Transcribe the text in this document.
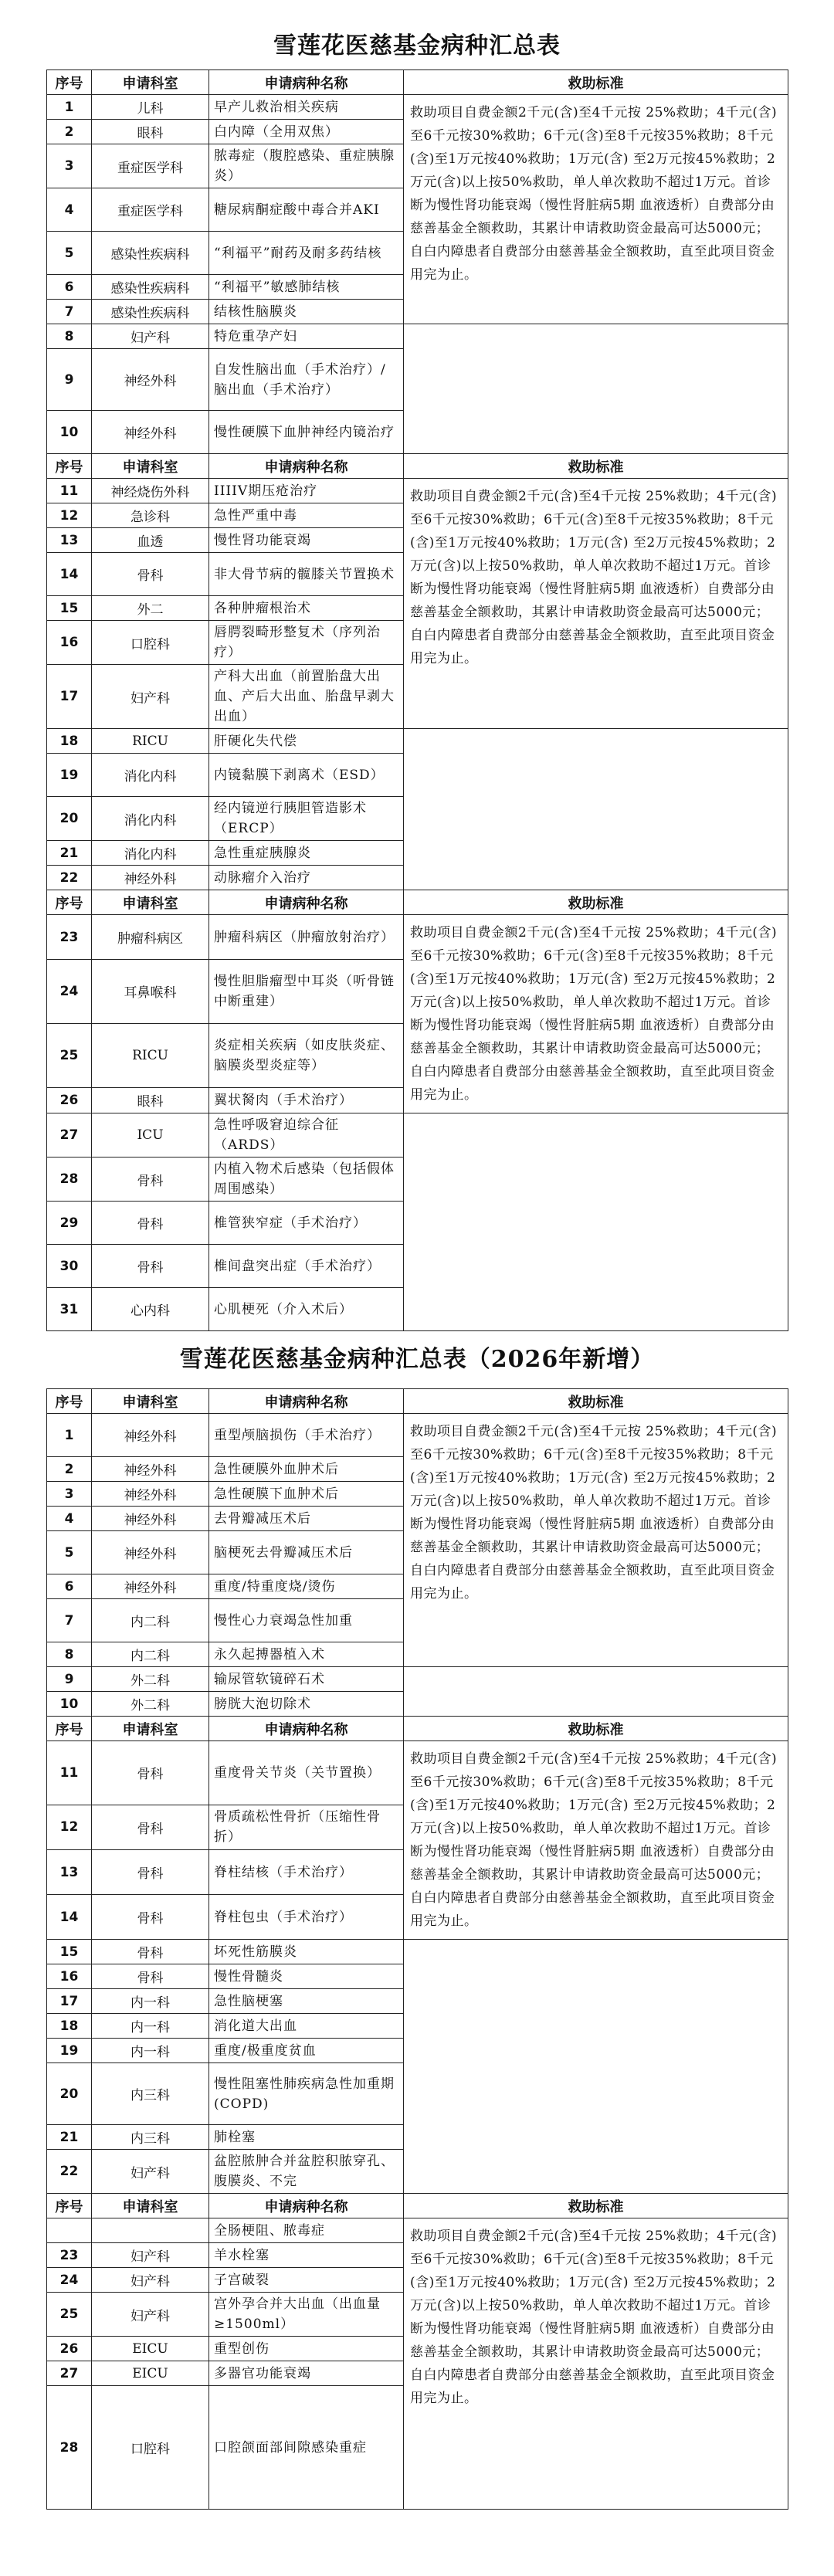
雪莲花医慈基金病种汇总表
序号	申请科室	申请病种名称	救助标准
1	儿科	早产儿救治相关疾病	救助项目自费金额2千元(含)至4千元按 25%救助；4千元(含)至6千元按30%救助；6千元(含)至8千元按35%救助；8千元(含)至1万元按40%救助；1万元(含) 至2万元按45%救助；2万元(含)以上按50%救助，单人单次救助不超过1万元。首诊断为慢性肾功能衰竭（慢性肾脏病5期 血液透析）自费部分由慈善基金全额救助，其累计申请救助资金最高可达5000元；自白内障患者自费部分由慈善基金全额救助，直至此项目资金用完为止。
2	眼科	白内障（全用双焦）	
3	重症医学科	脓毒症（腹腔感染、重症胰腺炎）	
4	重症医学科	糖尿病酮症酸中毒合并AKI	
5	感染性疾病科	“利福平”耐药及耐多药结核	
6	感染性疾病科	“利福平”敏感肺结核	
7	感染性疾病科	结核性脑膜炎	
8	妇产科	特危重孕产妇	
9	神经外科	自发性脑出血（手术治疗）/ 脑出血（手术治疗）	
10	神经外科	慢性硬膜下血肿神经内镜治疗	
序号	申请科室	申请病种名称	救助标准
11	神经烧伤外科	IIIIV期压疮治疗	救助项目自费金额2千元(含)至4千元按 25%救助；4千元(含)至6千元按30%救助；6千元(含)至8千元按35%救助；8千元(含)至1万元按40%救助；1万元(含) 至2万元按45%救助；2万元(含)以上按50%救助，单人单次救助不超过1万元。首诊断为慢性肾功能衰竭（慢性肾脏病5期 血液透析）自费部分由慈善基金全额救助，其累计申请救助资金最高可达5000元；自白内障患者自费部分由慈善基金全额救助，直至此项目资金用完为止。
12	急诊科	急性严重中毒	
13	血透	慢性肾功能衰竭	
14	骨科	非大骨节病的髋膝关节置换术	
15	外二	各种肿瘤根治术	
16	口腔科	唇腭裂畸形整复术（序列治疗）	
17	妇产科	产科大出血（前置胎盘大出血、产后大出血、胎盘早剥大出血）	
18	RICU	肝硬化失代偿	
19	消化内科	内镜黏膜下剥离术（ESD）	
20	消化内科	经内镜逆行胰胆管造影术（ERCP）	
21	消化内科	急性重症胰腺炎	
22	神经外科	动脉瘤介入治疗	
序号	申请科室	申请病种名称	救助标准
23	肿瘤科病区	肿瘤科病区（肿瘤放射治疗）	救助项目自费金额2千元(含)至4千元按 25%救助；4千元(含)至6千元按30%救助；6千元(含)至8千元按35%救助；8千元(含)至1万元按40%救助；1万元(含) 至2万元按45%救助；2万元(含)以上按50%救助，单人单次救助不超过1万元。首诊断为慢性肾功能衰竭（慢性肾脏病5期 血液透析）自费部分由慈善基金全额救助，其累计申请救助资金最高可达5000元；自白内障患者自费部分由慈善基金全额救助，直至此项目资金用完为止。
24	耳鼻喉科	慢性胆脂瘤型中耳炎（听骨链中断重建）	
25	RICU	炎症相关疾病（如皮肤炎症、脑膜炎型炎症等）	
26	眼科	翼状胬肉（手术治疗）	
27	ICU	急性呼吸窘迫综合征（ARDS）	
28	骨科	内植入物术后感染（包括假体周围感染）	
29	骨科	椎管狭窄症（手术治疗）	
30	骨科	椎间盘突出症（手术治疗）	
31	心内科	心肌梗死（介入术后）	
雪莲花医慈基金病种汇总表（2026年新增）
序号	申请科室	申请病种名称	救助标准
1	神经外科	重型颅脑损伤（手术治疗）	救助项目自费金额2千元(含)至4千元按 25%救助；4千元(含)至6千元按30%救助；6千元(含)至8千元按35%救助；8千元(含)至1万元按40%救助；1万元(含) 至2万元按45%救助；2万元(含)以上按50%救助，单人单次救助不超过1万元。首诊断为慢性肾功能衰竭（慢性肾脏病5期 血液透析）自费部分由慈善基金全额救助，其累计申请救助资金最高可达5000元；自白内障患者自费部分由慈善基金全额救助，直至此项目资金用完为止。
2	神经外科	急性硬膜外血肿术后	
3	神经外科	急性硬膜下血肿术后	
4	神经外科	去骨瓣减压术后	
5	神经外科	脑梗死去骨瓣减压术后	
6	神经外科	重度/特重度烧/烫伤	
7	内二科	慢性心力衰竭急性加重	
8	内二科	永久起搏器植入术	
9	外二科	输尿管软镜碎石术	
10	外二科	膀胱大泡切除术	
序号	申请科室	申请病种名称	救助标准
11	骨科	重度骨关节炎（关节置换）	救助项目自费金额2千元(含)至4千元按 25%救助；4千元(含)至6千元按30%救助；6千元(含)至8千元按35%救助；8千元(含)至1万元按40%救助；1万元(含) 至2万元按45%救助；2万元(含)以上按50%救助，单人单次救助不超过1万元。首诊断为慢性肾功能衰竭（慢性肾脏病5期 血液透析）自费部分由慈善基金全额救助，其累计申请救助资金最高可达5000元；自白内障患者自费部分由慈善基金全额救助，直至此项目资金用完为止。
12	骨科	骨质疏松性骨折（压缩性骨折）	
13	骨科	脊柱结核（手术治疗）	
14	骨科	脊柱包虫（手术治疗）	
15	骨科	坏死性筋膜炎	
16	骨科	慢性骨髓炎	
17	内一科	急性脑梗塞	
18	内一科	消化道大出血	
19	内一科	重度/极重度贫血	
20	内三科	慢性阻塞性肺疾病急性加重期(COPD)	
21	内三科	肺栓塞	
22	妇产科	盆腔脓肿合并盆腔积脓穿孔、腹膜炎、不完	
序号	申请科室	申请病种名称	救助标准
		全肠梗阻、脓毒症	救助项目自费金额2千元(含)至4千元按 25%救助；4千元(含)至6千元按30%救助；6千元(含)至8千元按35%救助；8千元(含)至1万元按40%救助；1万元(含) 至2万元按45%救助；2万元(含)以上按50%救助，单人单次救助不超过1万元。首诊断为慢性肾功能衰竭（慢性肾脏病5期 血液透析）自费部分由慈善基金全额救助，其累计申请救助资金最高可达5000元；自白内障患者自费部分由慈善基金全额救助，直至此项目资金用完为止。
23	妇产科	羊水栓塞	
24	妇产科	子宫破裂	
25	妇产科	宫外孕合并大出血（出血量≥1500ml）	
26	EICU	重型创伤	
27	EICU	多器官功能衰竭	
28	口腔科	口腔颌面部间隙感染重症	
